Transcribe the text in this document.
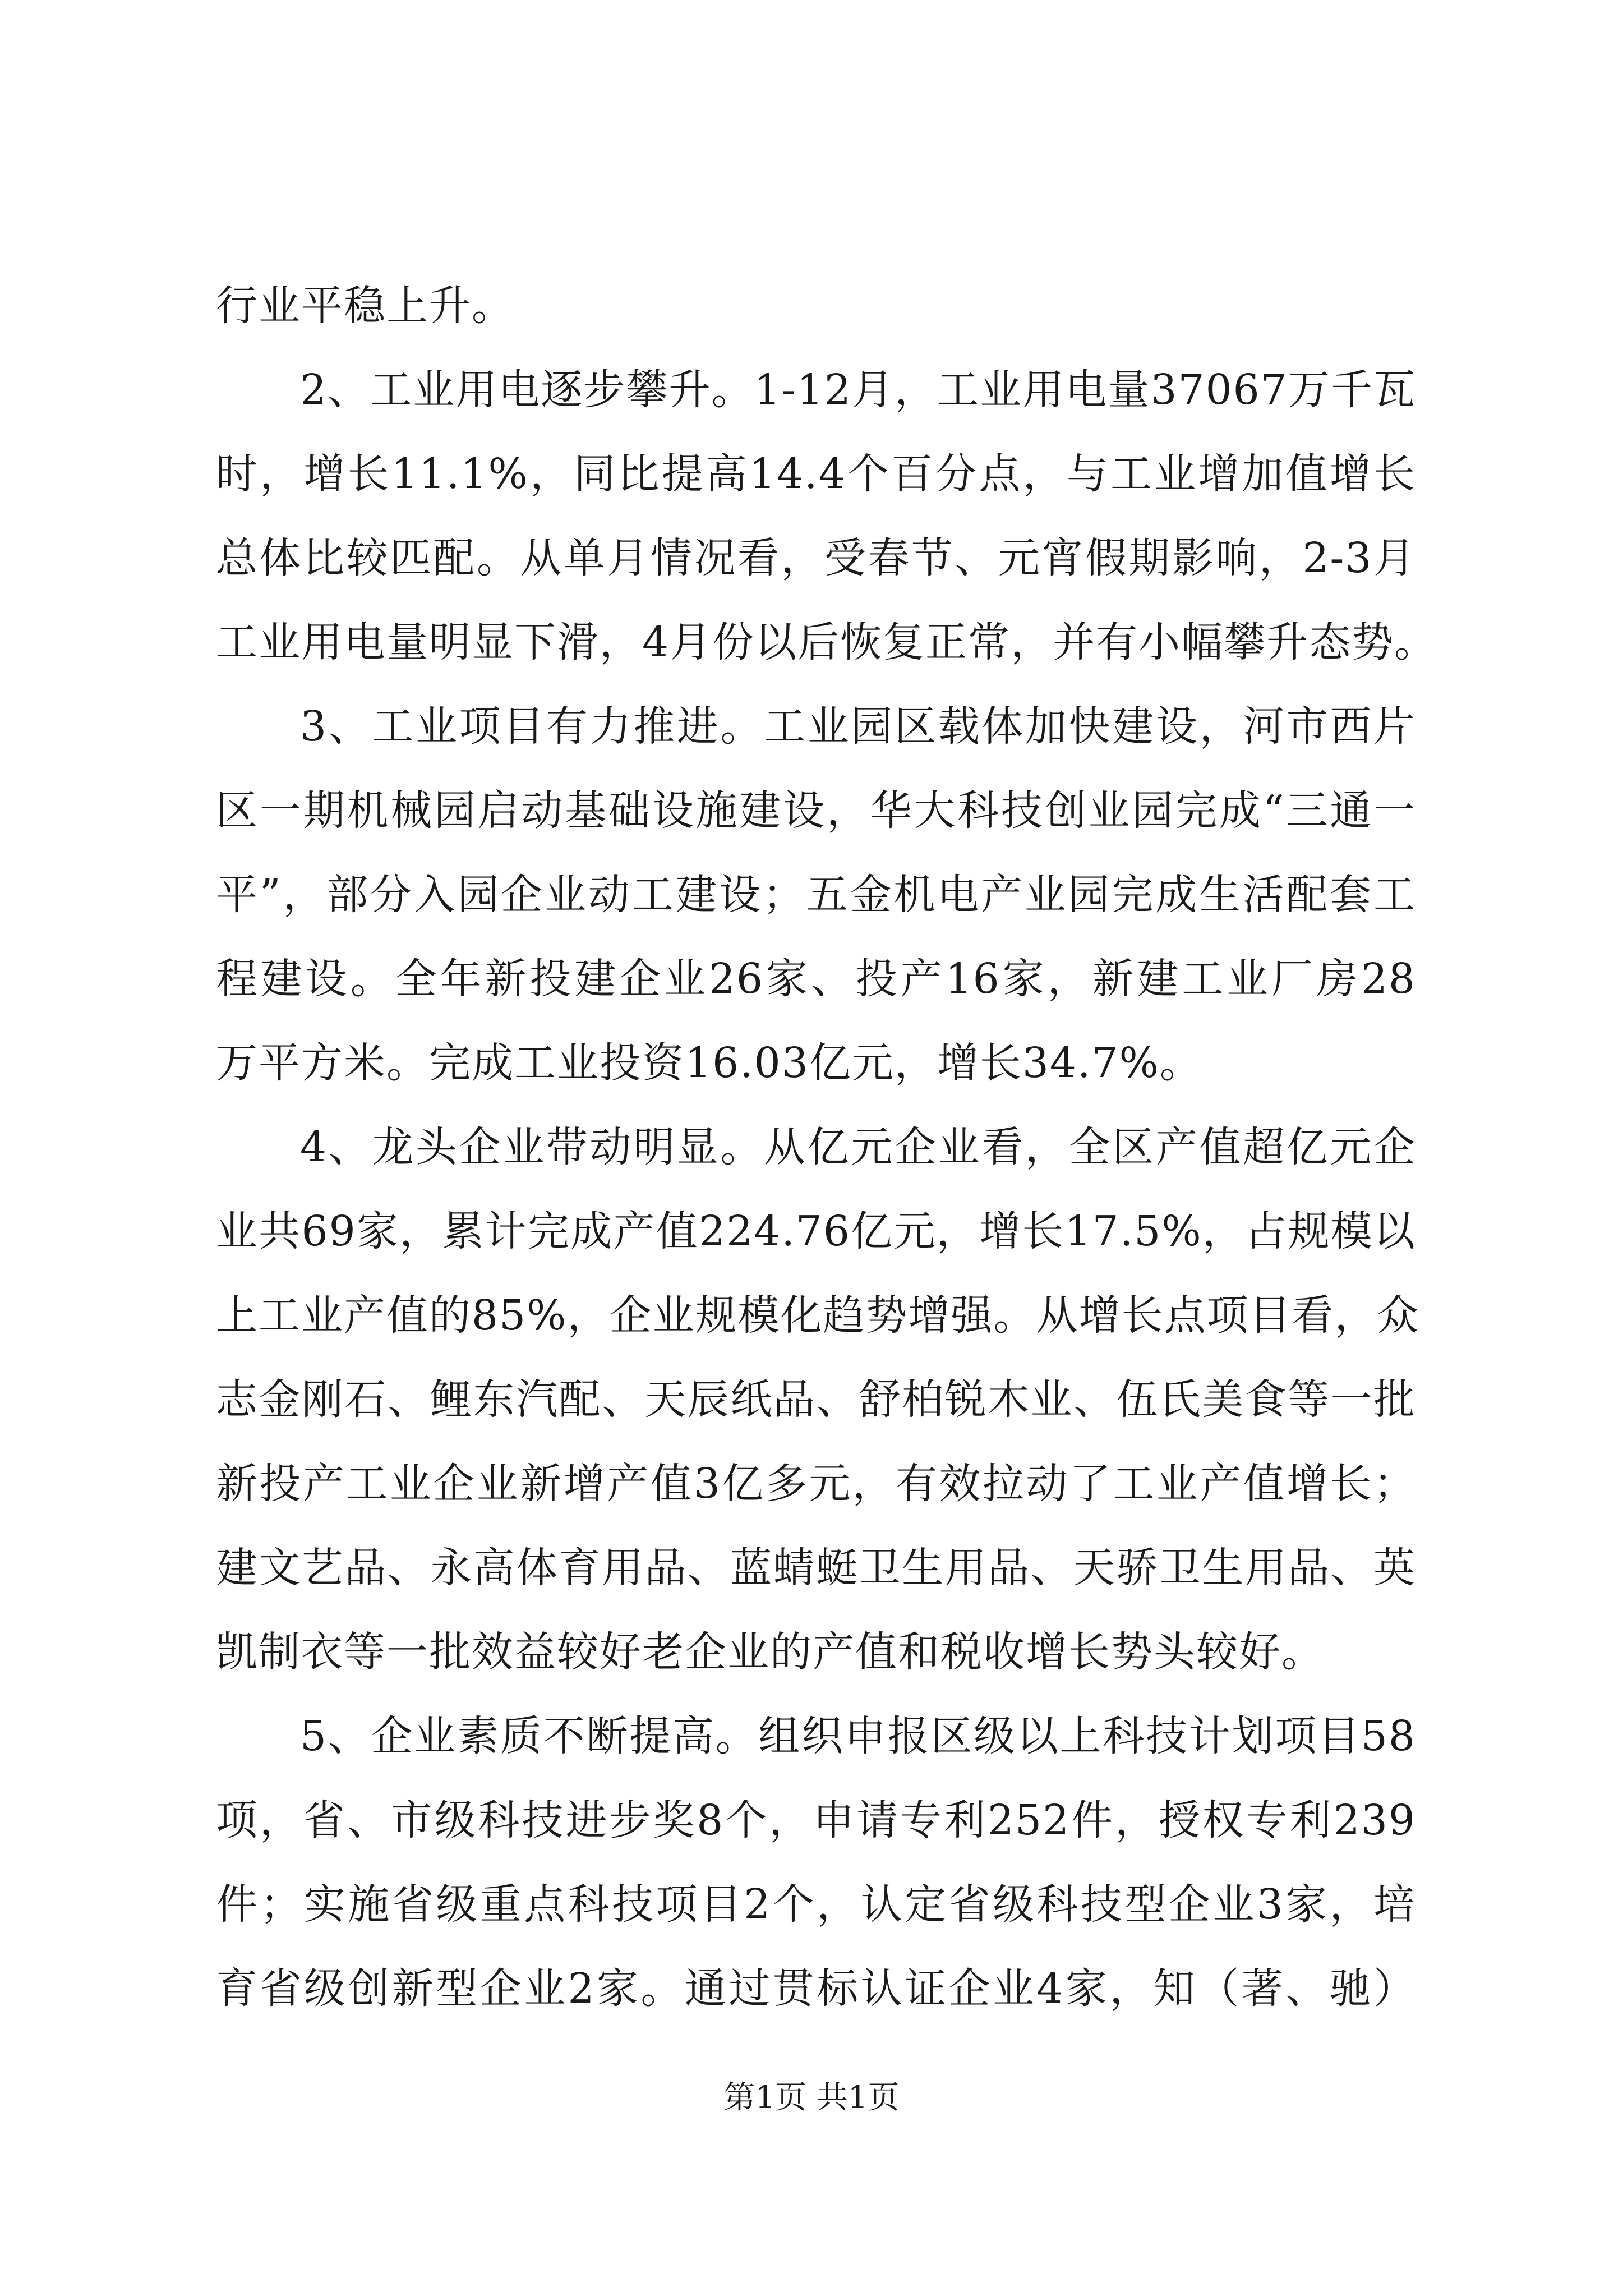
行业平稳上升。
2、工业用电逐步攀升。1-12月，工业用电量37067万千瓦
时，增长11.1%，同比提高14.4个百分点，与工业增加值增长
总体比较匹配。从单月情况看，受春节、元宵假期影响，2-3月
工业用电量明显下滑，4月份以后恢复正常，并有小幅攀升态势。
3、工业项目有力推进。工业园区载体加快建设，河市西片
区一期机械园启动基础设施建设，华大科技创业园完成“三通一
平”，部分入园企业动工建设；五金机电产业园完成生活配套工
程建设。全年新投建企业26家、投产16家，新建工业厂房28
万平方米。完成工业投资16.03亿元，增长34.7%。
4、龙头企业带动明显。从亿元企业看，全区产值超亿元企
业共69家，累计完成产值224.76亿元，增长17.5%，占规模以
上工业产值的85%，企业规模化趋势增强。从增长点项目看，众
志金刚石、鲤东汽配、天辰纸品、舒柏锐木业、伍氏美食等一批
新投产工业企业新增产值3亿多元，有效拉动了工业产值增长；
建文艺品、永高体育用品、蓝蜻蜓卫生用品、天骄卫生用品、英
凯制衣等一批效益较好老企业的产值和税收增长势头较好。
5、企业素质不断提高。组织申报区级以上科技计划项目58
项，省、市级科技进步奖8个，申请专利252件，授权专利239
件；实施省级重点科技项目2个，认定省级科技型企业3家，培
育省级创新型企业2家。通过贯标认证企业4家，知（著、驰）
第1页 共1页
